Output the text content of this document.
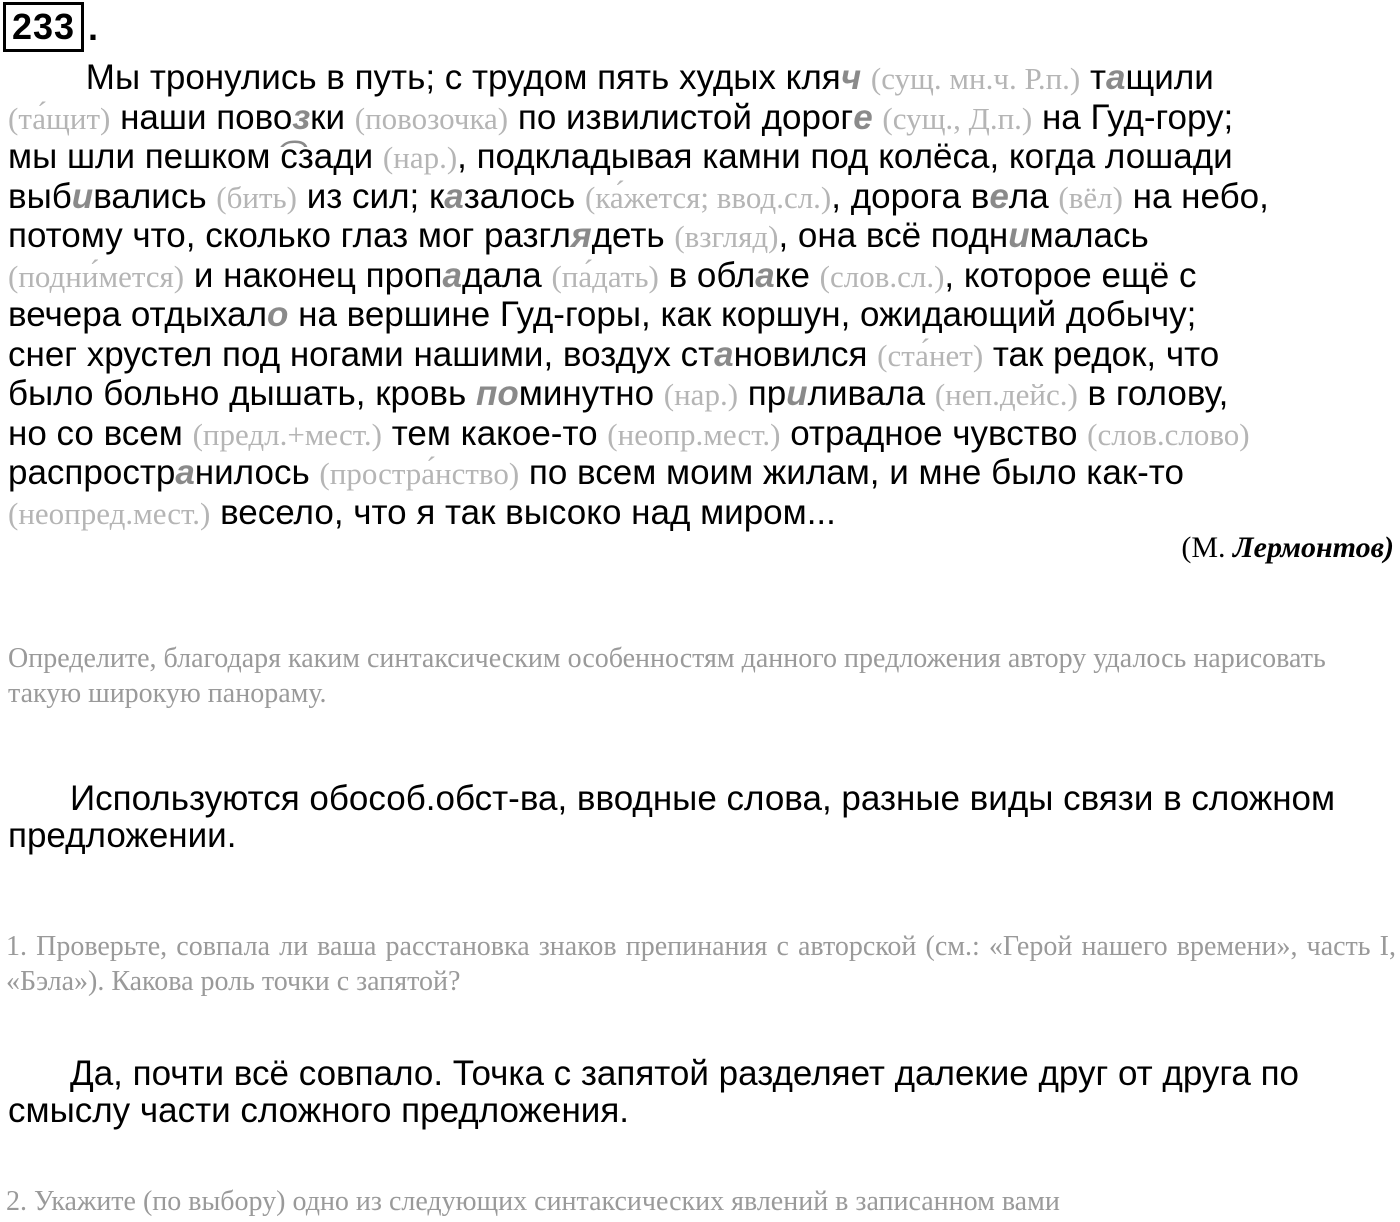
233 .
Мы тронулись в путь; с трудом пять худых кляч (сущ. мн.ч. Р.п.) тащили
(та́щит) наши повозки (повозочка) по извилистой дороге (сущ., Д.п.) на Гуд-гору;
мы шли пешком сзади (нар.), подкладывая камни под колёса, когда лошади
выбивались (бить) из сил; казалось (ка́жется; ввод.сл.), дорога вела (вёл) на небо,
потому что, сколько глаз мог разглядеть (взгляд), она всё поднималась
(подни́мется) и наконец пропадала (па́дать) в облаке (слов.сл.), которое ещё с
вечера отдыхало на вершине Гуд-горы, как коршун, ожидающий добычу;
снег хрустел под ногами нашими, воздух становился (ста́нет) так редок, что
было больно дышать, кровь поминутно (нар.) приливала (неп.дейс.) в голову,
но со всем (предл.+мест.) тем какое-то (неопр.мест.) отрадное чувство (слов.слово)
распространилось (простра́нство) по всем моим жилам, и мне было как-то
(неопред.мест.) весело, что я так высоко над миром...
(М. Лермонтов)

Определите, благодаря каким синтаксическим особенностям данного предложения автору удалось нарисовать такую широкую панораму.

Используются обособ.обст-ва, вводные слова, разные виды связи в сложном предложении.

1. Проверьте, совпала ли ваша расстановка знаков препинания с авторской (см.: «Герой нашего времени», часть I, «Бэла»). Какова роль точки с запятой?

Да, почти всё совпало. Точка с запятой разделяет далекие друг от друга по смыслу части сложного предложения.

2. Укажите (по выбору) одно из следующих синтаксических явлений в записанном вами
